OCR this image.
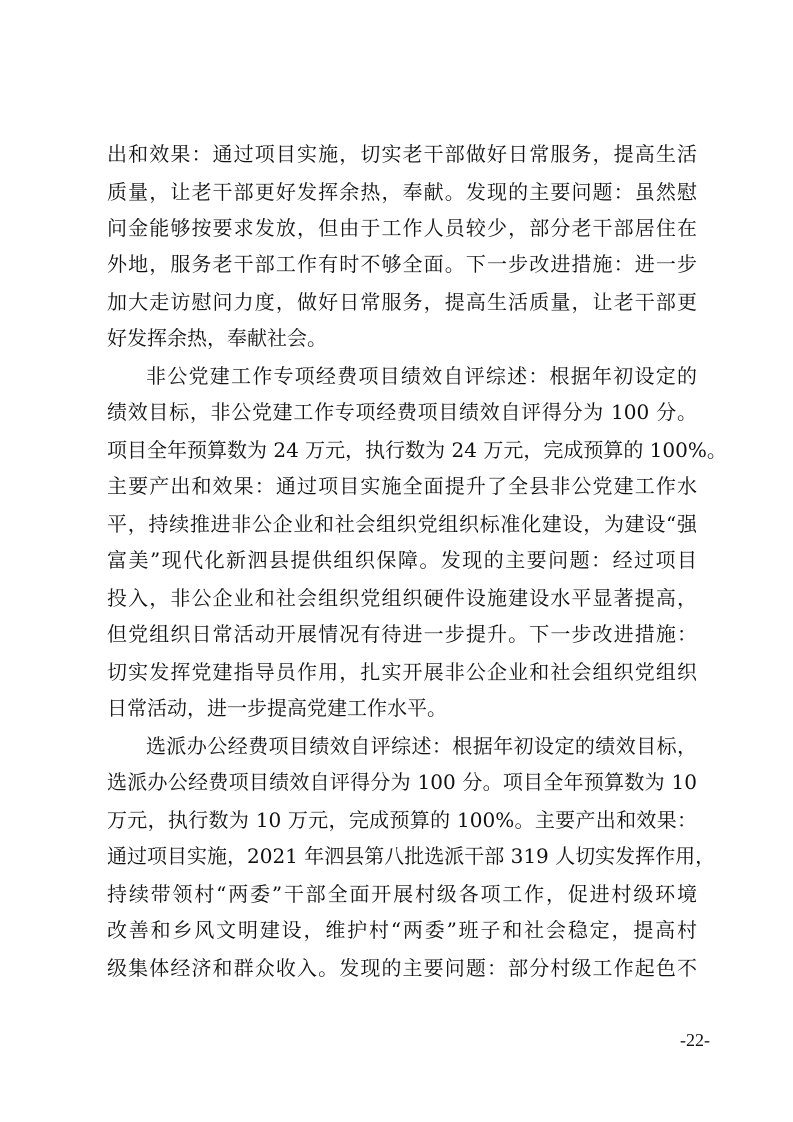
出和效果：通过项目实施，切实老干部做好日常服务，提高生活
质量，让老干部更好发挥余热，奉献。发现的主要问题：虽然慰
问金能够按要求发放，但由于工作人员较少，部分老干部居住在
外地，服务老干部工作有时不够全面。下一步改进措施：进一步
加大走访慰问力度，做好日常服务，提高生活质量，让老干部更
好发挥余热，奉献社会。
非公党建工作专项经费项目绩效自评综述：根据年初设定的
绩效目标，非公党建工作专项经费项目绩效自评得分为 100 分。
项目全年预算数为 24 万元，执行数为 24 万元，完成预算的 100%。
主要产出和效果：通过项目实施全面提升了全县非公党建工作水
平，持续推进非公企业和社会组织党组织标准化建设，为建设“强
富美”现代化新泗县提供组织保障。发现的主要问题：经过项目
投入，非公企业和社会组织党组织硬件设施建设水平显著提高，
但党组织日常活动开展情况有待进一步提升。下一步改进措施：
切实发挥党建指导员作用，扎实开展非公企业和社会组织党组织
日常活动，进一步提高党建工作水平。
选派办公经费项目绩效自评综述：根据年初设定的绩效目标，
选派办公经费项目绩效自评得分为 100 分。项目全年预算数为 10
万元，执行数为 10 万元，完成预算的 100%。主要产出和效果：
通过项目实施，2021 年泗县第八批选派干部 319 人切实发挥作用，
持续带领村“两委”干部全面开展村级各项工作，促进村级环境
改善和乡风文明建设，维护村“两委”班子和社会稳定，提高村
级集体经济和群众收入。发现的主要问题：部分村级工作起色不
-22-
